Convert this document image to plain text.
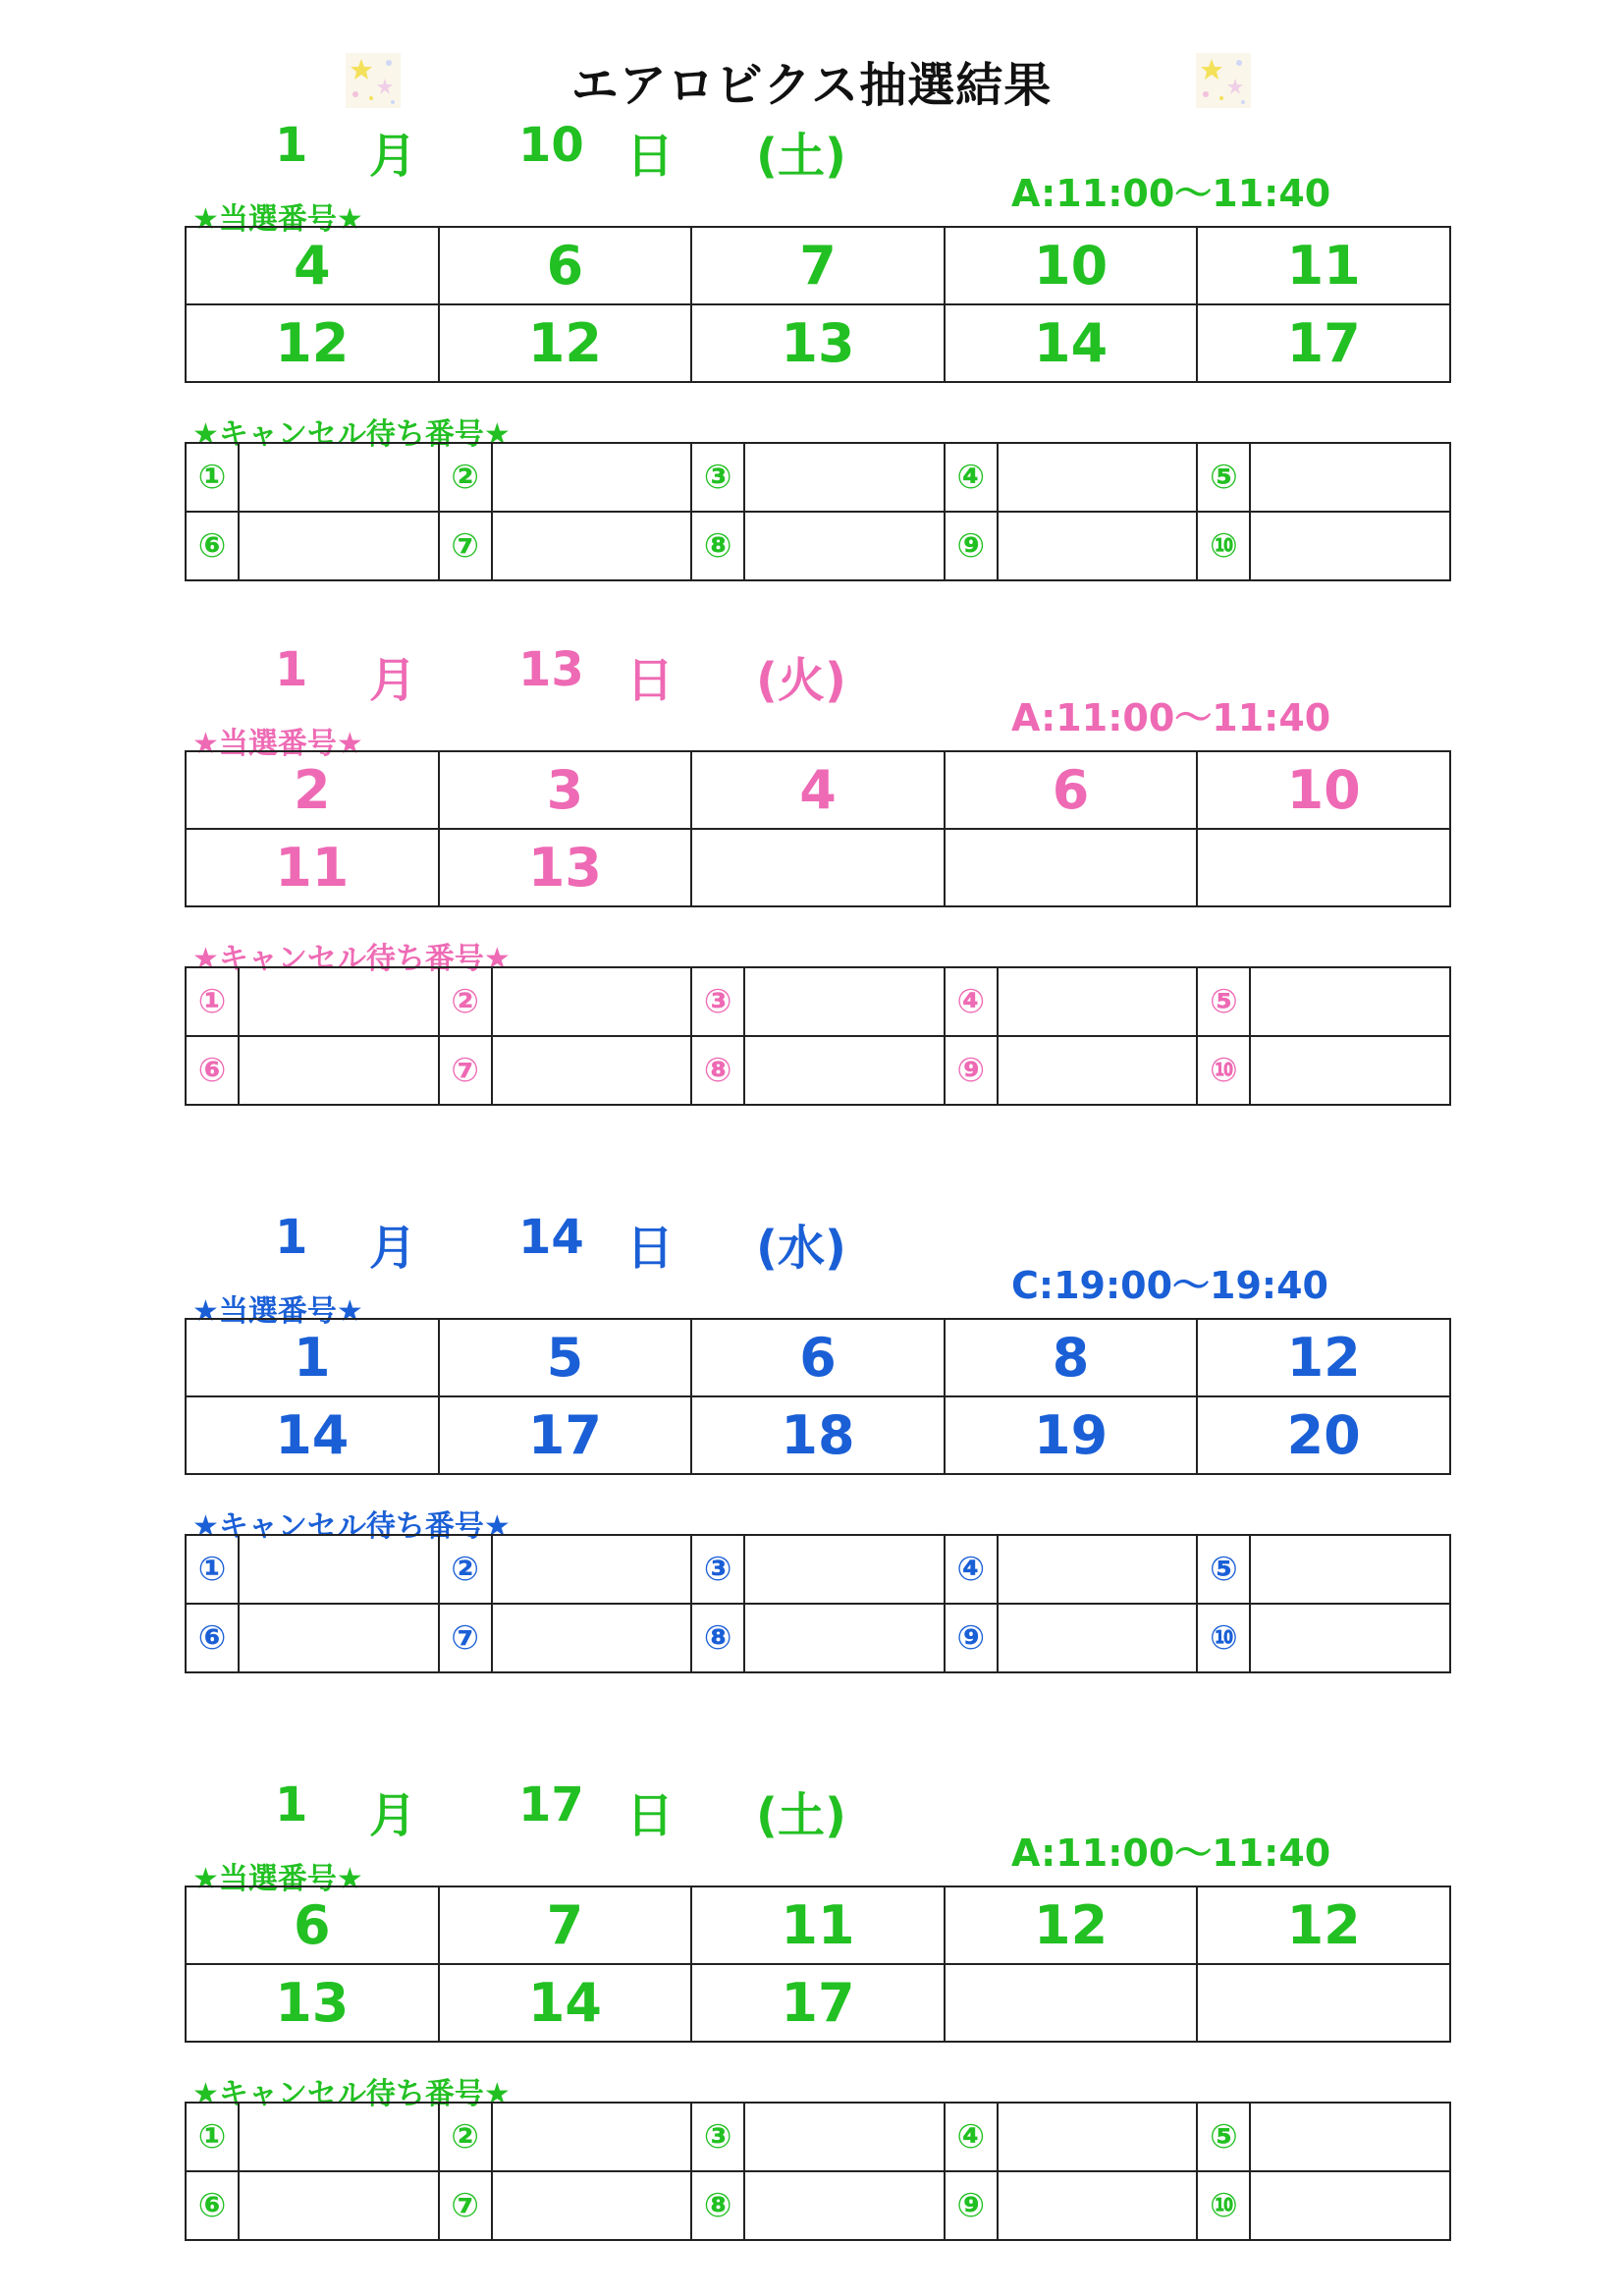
エアロビクス抽選結果
1 月 10 日 (土)
A:11:00～11:40
★当選番号★
4	6	7	10	11
12	12	13	14	17
★キャンセル待ち番号★
①		②		③		④		⑤	
⑥		⑦		⑧		⑨		⑩	
1 月 13 日 (火)
A:11:00～11:40
★当選番号★
2	3	4	6	10
11	13			
★キャンセル待ち番号★
①		②		③		④		⑤	
⑥		⑦		⑧		⑨		⑩	
1 月 14 日 (水)
C:19:00～19:40
★当選番号★
1	5	6	8	12
14	17	18	19	20
★キャンセル待ち番号★
①		②		③		④		⑤	
⑥		⑦		⑧		⑨		⑩	
1 月 17 日 (土)
A:11:00～11:40
★当選番号★
6	7	11	12	12
13	14	17		
★キャンセル待ち番号★
①		②		③		④		⑤	
⑥		⑦		⑧		⑨		⑩	
